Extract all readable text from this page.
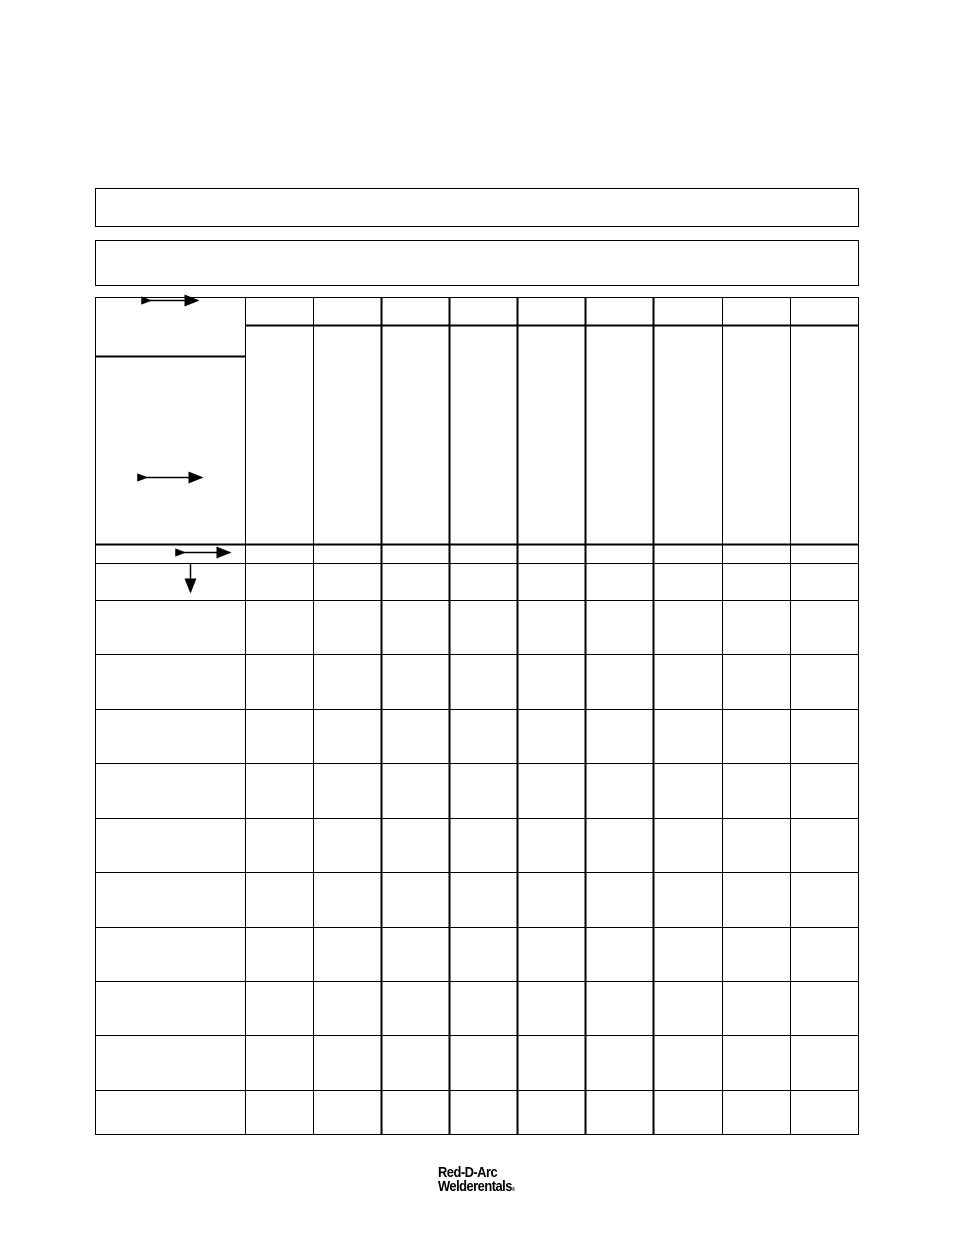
Red-D-Arc
Welderentals®
